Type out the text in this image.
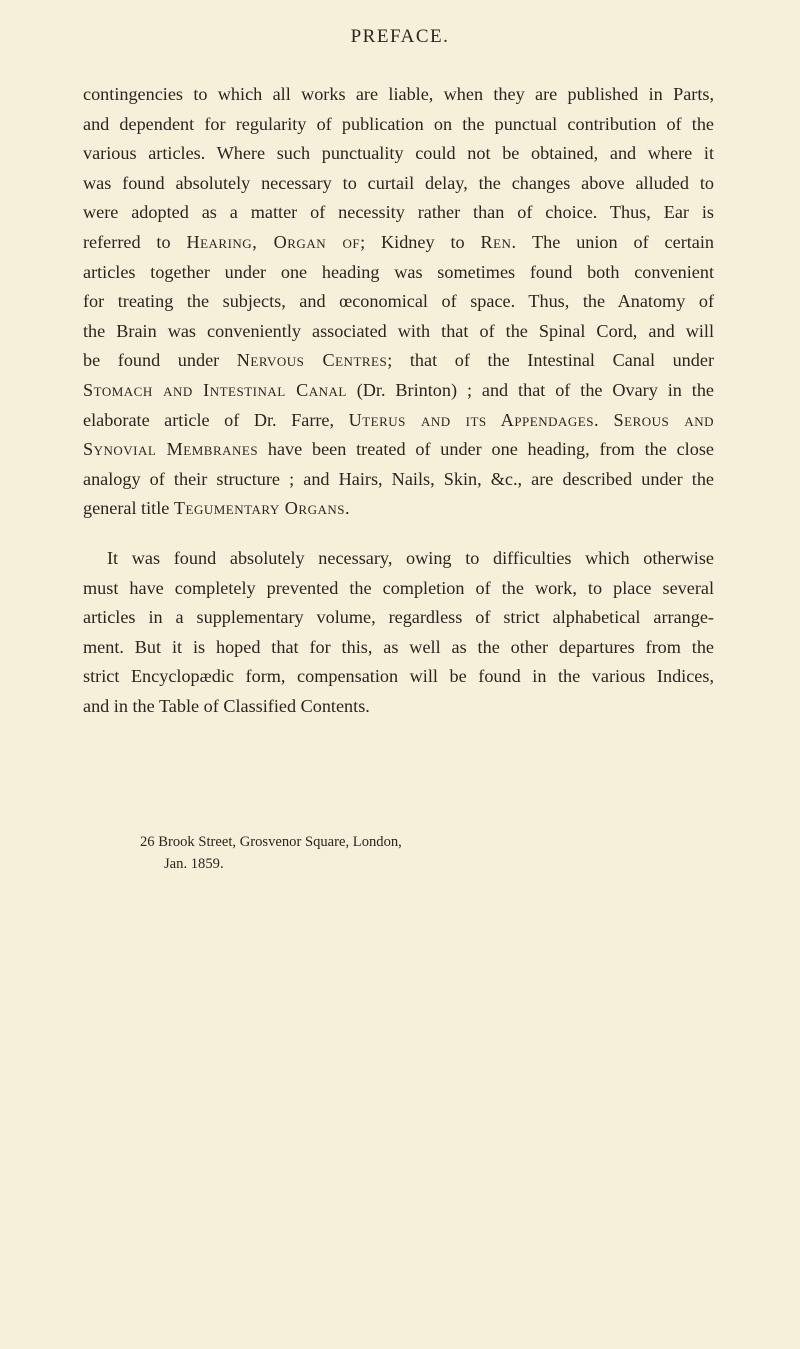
PREFACE.

contingencies to which all works are liable, when they are published in Parts,
and dependent for regularity of publication on the punctual contribution of the
various articles. Where such punctuality could not be obtained, and where it
was found absolutely necessary to curtail delay, the changes above alluded to
were adopted as a matter of necessity rather than of choice. Thus, Ear is
referred to Hearing, Organ of; Kidney to Ren. The union of certain
articles together under one heading was sometimes found both convenient
for treating the subjects, and œconomical of space. Thus, the Anatomy of
the Brain was conveniently associated with that of the Spinal Cord, and will
be found under Nervous Centres; that of the Intestinal Canal under
Stomach and Intestinal Canal (Dr. Brinton) ; and that of the Ovary in the
elaborate article of Dr. Farre, Uterus and its Appendages. Serous and
Synovial Membranes have been treated of under one heading, from the close
analogy of their structure ; and Hairs, Nails, Skin, &c., are described under the
general title Tegumentary Organs.

It was found absolutely necessary, owing to difficulties which otherwise
must have completely prevented the completion of the work, to place several
articles in a supplementary volume, regardless of strict alphabetical arrange-
ment. But it is hoped that for this, as well as the other departures from the
strict Encyclopædic form, compensation will be found in the various Indices,
and in the Table of Classified Contents.

26 Brook Street, Grosvenor Square, London,
Jan. 1859.
